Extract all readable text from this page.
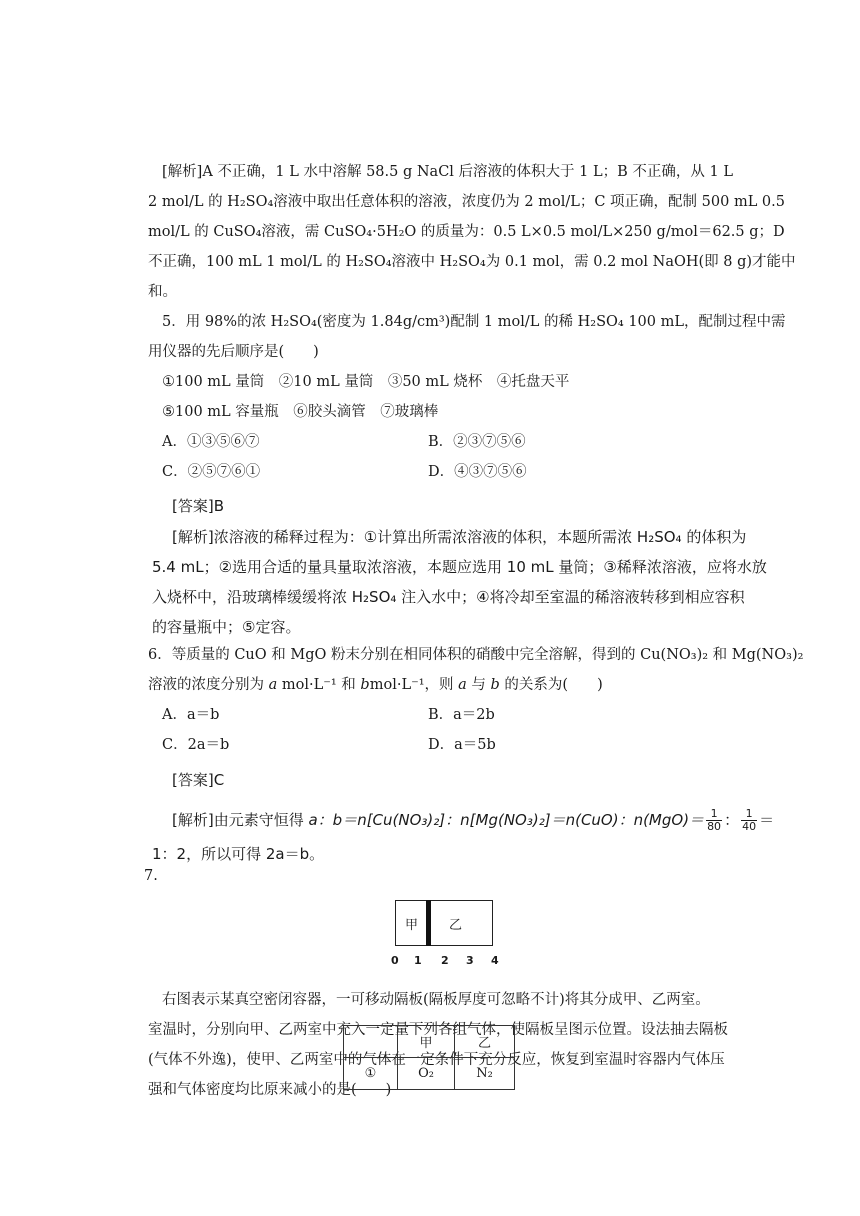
[解析]A 不正确，1 L 水中溶解 58.5 g NaCl 后溶液的体积大于 1 L；B 不正确，从 1 L
2 mol/L 的 H₂SO₄溶液中取出任意体积的溶液，浓度仍为 2 mol/L；C 项正确，配制 500 mL 0.5
mol/L 的 CuSO₄溶液，需 CuSO₄·5H₂O 的质量为：0.5 L×0.5 mol/L×250 g/mol＝62.5 g；D
不正确，100 mL 1 mol/L 的 H₂SO₄溶液中 H₂SO₄为 0.1 mol，需 0.2 mol NaOH(即 8 g)才能中
和。
5．用 98%的浓 H₂SO₄(密度为 1.84g/cm³)配制 1 mol/L 的稀 H₂SO₄ 100 mL，配制过程中需
用仪器的先后顺序是(　　)
①100 mL 量筒　②10 mL 量筒　③50 mL 烧杯　④托盘天平
⑤100 mL 容量瓶　⑥胶头滴管　⑦玻璃棒
A．①③⑤⑥⑦	B．②③⑦⑤⑥
C．②⑤⑦⑥①	D．④③⑦⑤⑥
[答案]B
[解析]浓溶液的稀释过程为：①计算出所需浓溶液的体积，本题所需浓 H₂SO₄ 的体积为
5.4 mL；②选用合适的量具量取浓溶液，本题应选用 10 mL 量筒；③稀释浓溶液，应将水放
入烧杯中，沿玻璃棒缓缓将浓 H₂SO₄ 注入水中；④将冷却至室温的稀溶液转移到相应容积
的容量瓶中；⑤定容。
6．等质量的 CuO 和 MgO 粉末分别在相同体积的硝酸中完全溶解，得到的 Cu(NO₃)₂ 和 Mg(NO₃)₂
溶液的浓度分别为 a mol·L⁻¹ 和 bmol·L⁻¹，则 a 与 b 的关系为(　　)
A．a＝b	B．a＝2b
C．2a＝b	D．a＝5b
[答案]C
[解析]由元素守恒得 a：b＝n[Cu(NO₃)₂]：n[Mg(NO₃)₂]＝n(CuO)：$n(MgO)= \frac{1}{80}$ ： $\frac{1}{40}$ ＝
1：2，所以可得 2a＝b。
7.
甲 乙
0 1 2 3 4
右图表示某真空密闭容器，一可移动隔板(隔板厚度可忽略不计)将其分成甲、乙两室。
室温时，分别向甲、乙两室中充入一定量下列各组气体，使隔板呈图示位置。设法抽去隔板
(气体不外逸)，使甲、乙两室中的气体在一定条件下充分反应，恢复到室温时容器内气体压
强和气体密度均比原来减小的是(　　)
	甲	乙
①	O₂	N₂
